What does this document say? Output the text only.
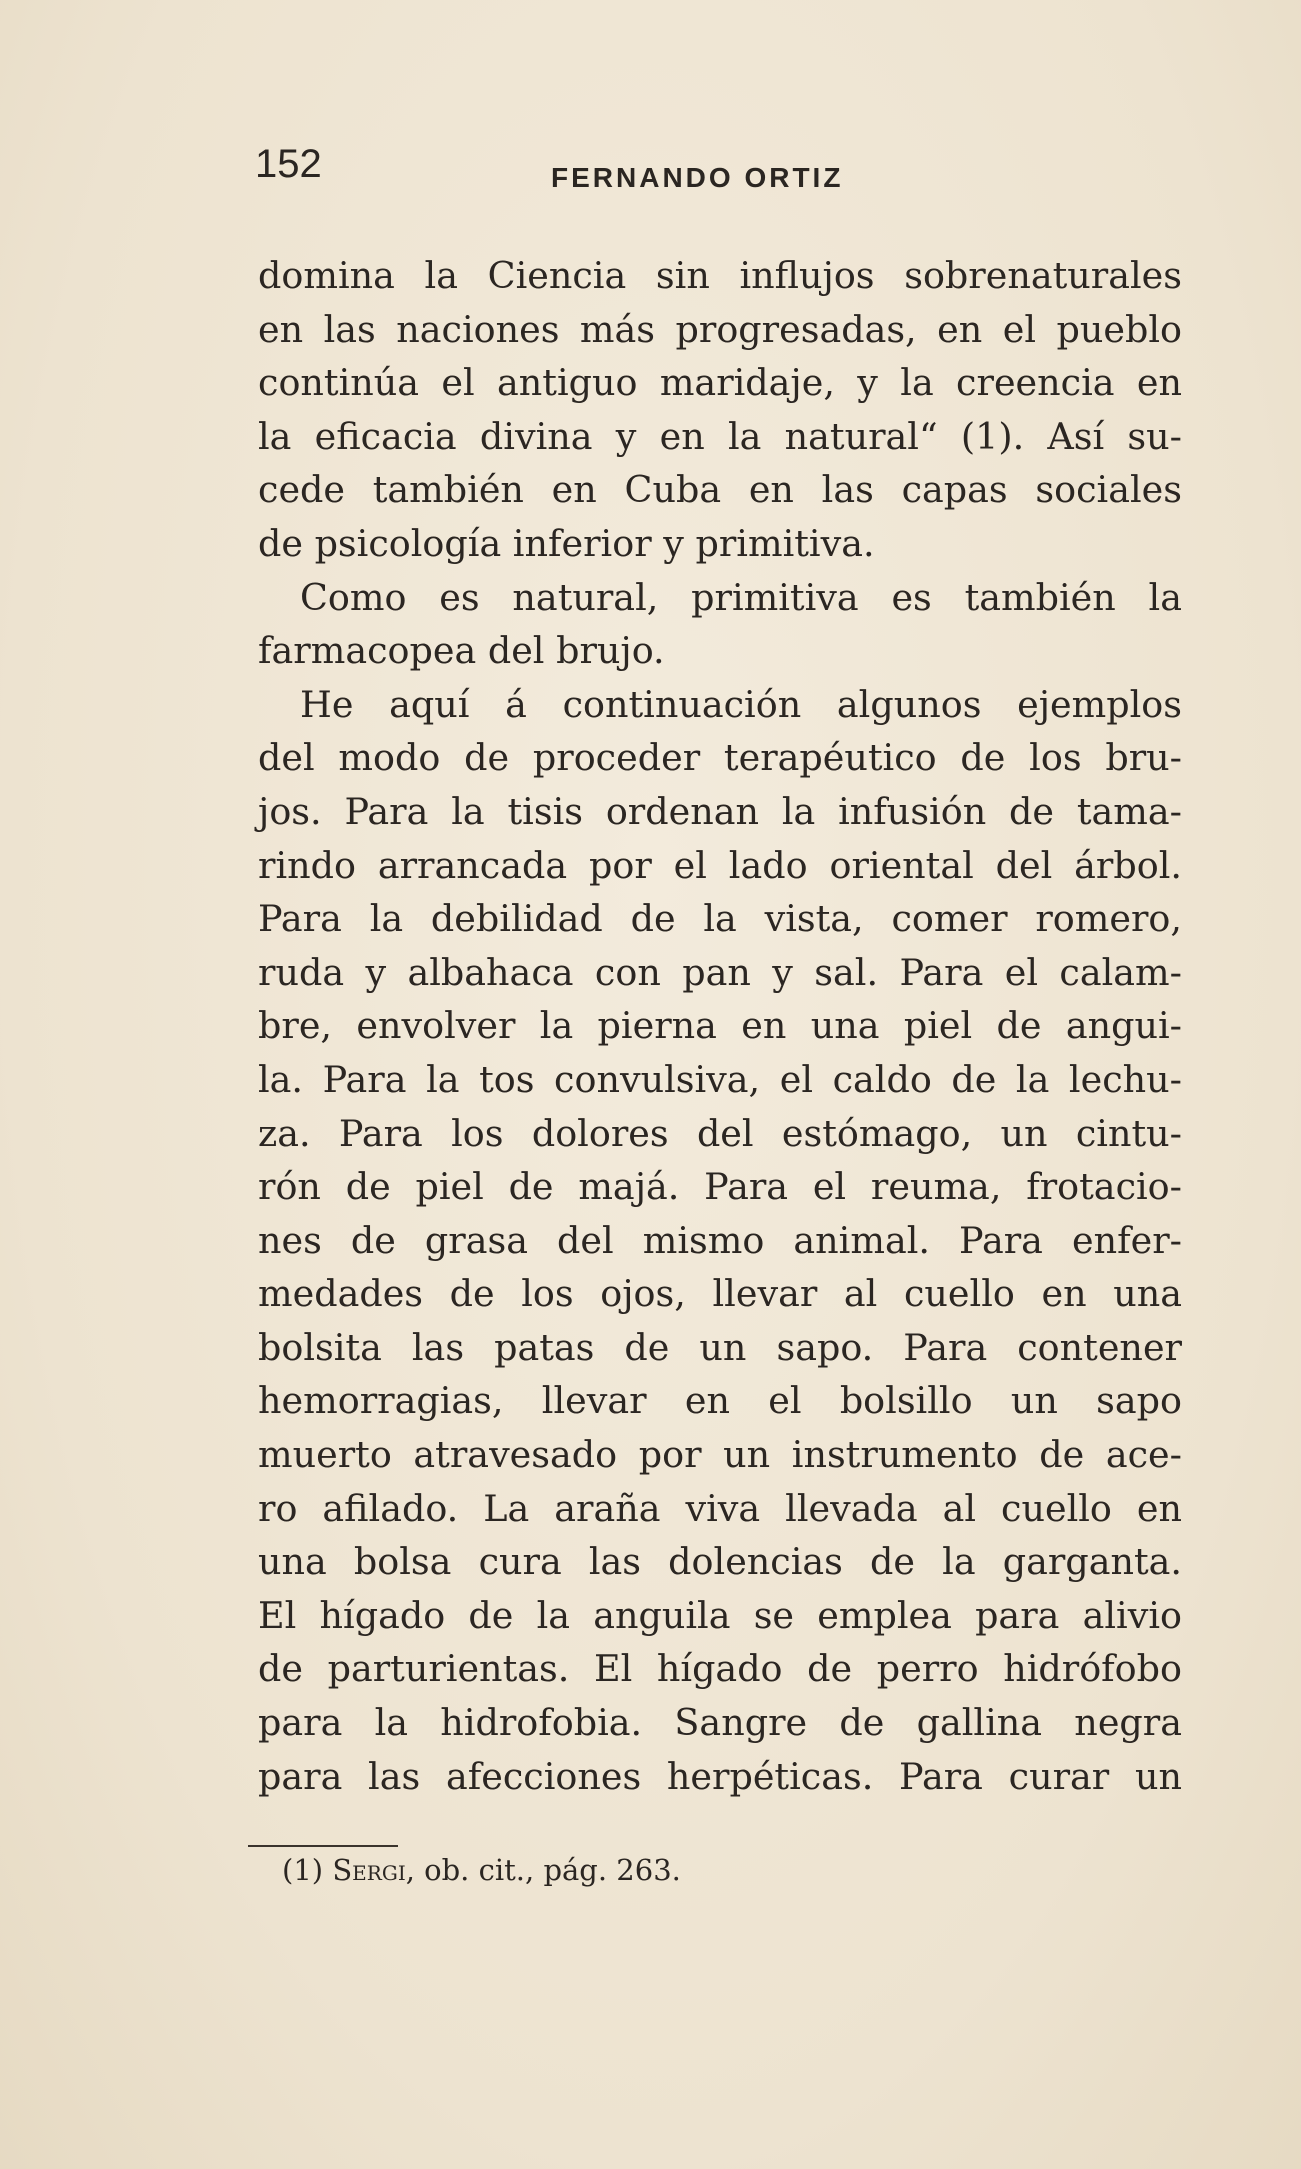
152	FERNANDO ORTIZ
domina la Ciencia sin influjos sobrenaturales
en las naciones más progresadas, en el pueblo
continúa el antiguo maridaje, y la creencia en
la eficacia divina y en la natural“ (1). Así su-
cede también en Cuba en las capas sociales
de psicología inferior y primitiva.
Como es natural, primitiva es también la
farmacopea del brujo.
He aquí á continuación algunos ejemplos
del modo de proceder terapéutico de los bru-
jos. Para la tisis ordenan la infusión de tama-
rindo arrancada por el lado oriental del árbol.
Para la debilidad de la vista, comer romero,
ruda y albahaca con pan y sal. Para el calam-
bre, envolver la pierna en una piel de angui-
la. Para la tos convulsiva, el caldo de la lechu-
za. Para los dolores del estómago, un cintu-
rón de piel de majá. Para el reuma, frotacio-
nes de grasa del mismo animal. Para enfer-
medades de los ojos, llevar al cuello en una
bolsita las patas de un sapo. Para contener
hemorragias, llevar en el bolsillo un sapo
muerto atravesado por un instrumento de ace-
ro afilado. La araña viva llevada al cuello en
una bolsa cura las dolencias de la garganta.
El hígado de la anguila se emplea para alivio
de parturientas. El hígado de perro hidrófobo
para la hidrofobia. Sangre de gallina negra
para las afecciones herpéticas. Para curar un
(1) Sergi, ob. cit., pág. 263.
